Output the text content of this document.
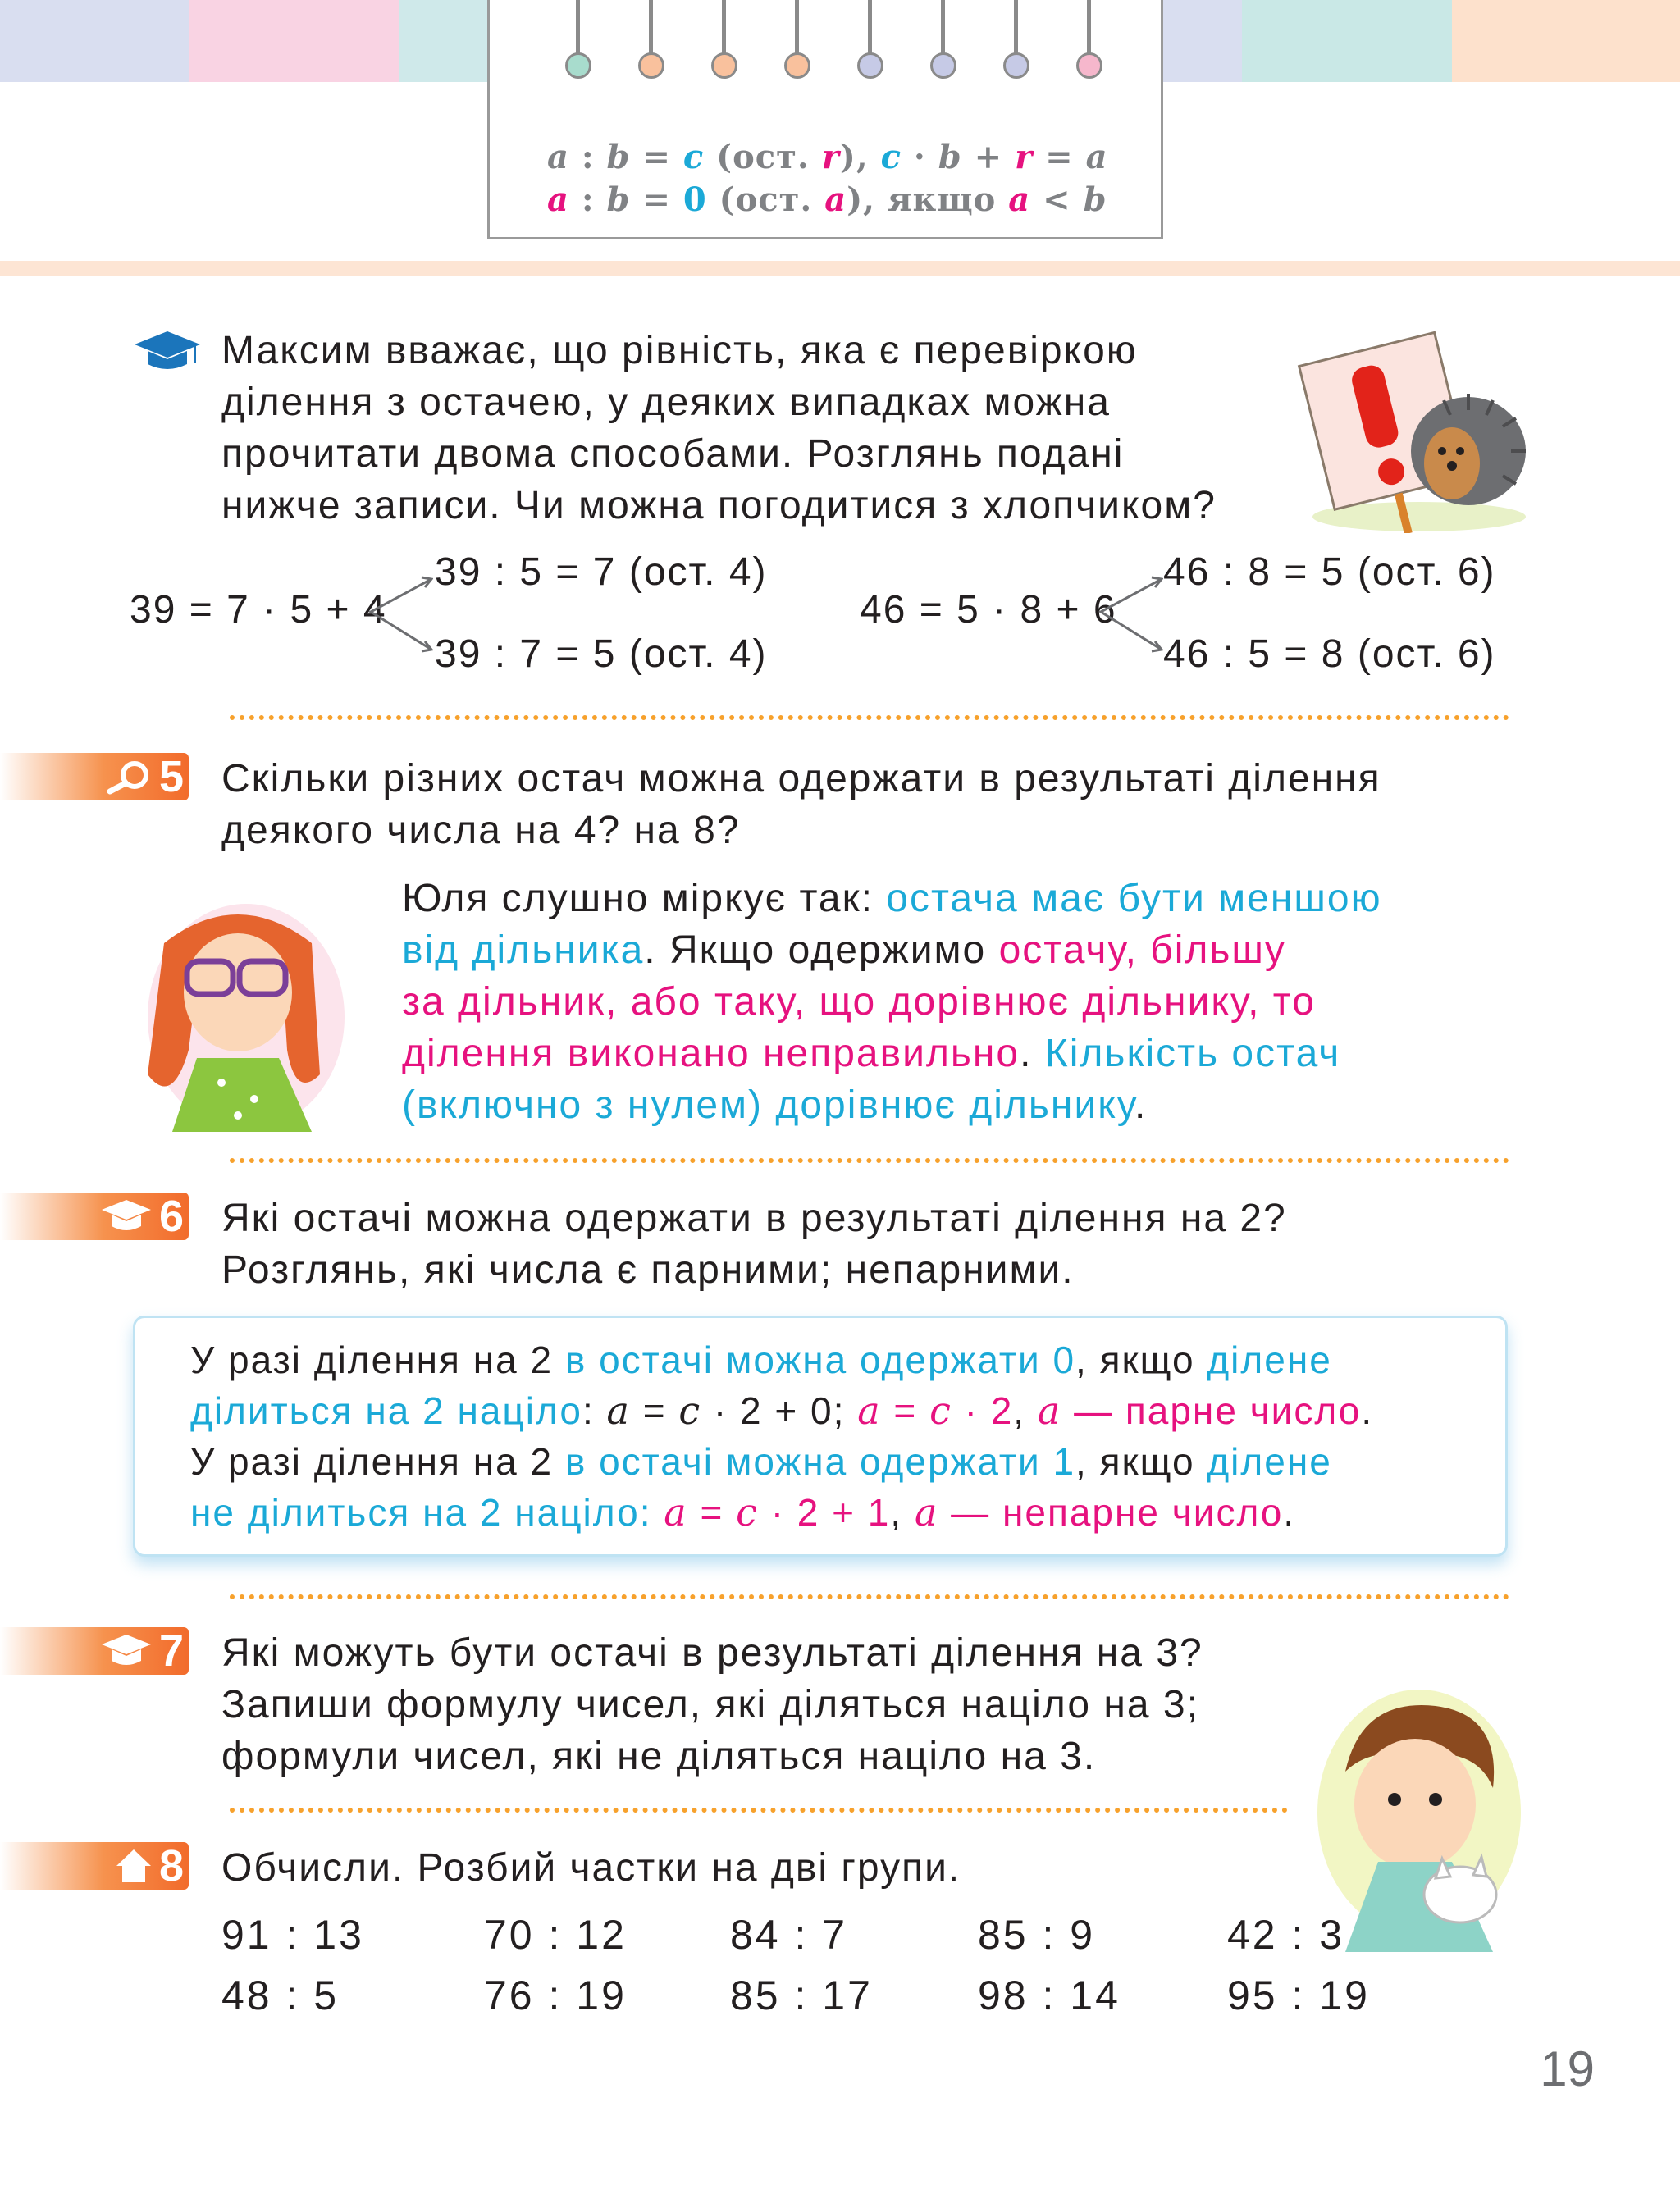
a : b = c (ост. r), c · b + r = a
a : b = 0 (ост. a), якщо a < b
Максим вважає, що рівність, яка є перевіркою
ділення з остачею, у деяких випадках можна
прочитати двома способами. Розглянь подані
нижче записи. Чи можна погодитися з хлопчиком?
39 = 7 · 5 + 4
39 : 5 = 7 (ост. 4)
39 : 7 = 5 (ост. 4)
46 = 5 · 8 + 6
46 : 8 = 5 (ост. 6)
46 : 5 = 8 (ост. 6)
5 Скільки різних остач можна одержати в результаті ділення
деякого числа на 4? на 8?
Юля слушно міркує так: остача має бути меншою
від дільника. Якщо одержимо остачу, більшу
за дільник, або таку, що дорівнює дільнику, то
ділення виконано неправильно. Кількість остач
(включно з нулем) дорівнює дільнику.
6 Які остачі можна одержати в результаті ділення на 2?
Розглянь, які числа є парними; непарними.
У разі ділення на 2 в остачі можна одержати 0, якщо ділене
ділиться на 2 націло: a = c · 2 + 0; a = c · 2, a — парне число.
У разі ділення на 2 в остачі можна одержати 1, якщо ділене
не ділиться на 2 націло: a = c · 2 + 1, a — непарне число.
7 Які можуть бути остачі в результаті ділення на 3?
Запиши формулу чисел, які діляться націло на 3;
формули чисел, які не діляться націло на 3.
8 Обчисли. Розбий частки на дві групи.
91 : 13	70 : 12	84 : 7	85 : 9	42 : 3
48 : 5	76 : 19	85 : 17	98 : 14	95 : 19
19
